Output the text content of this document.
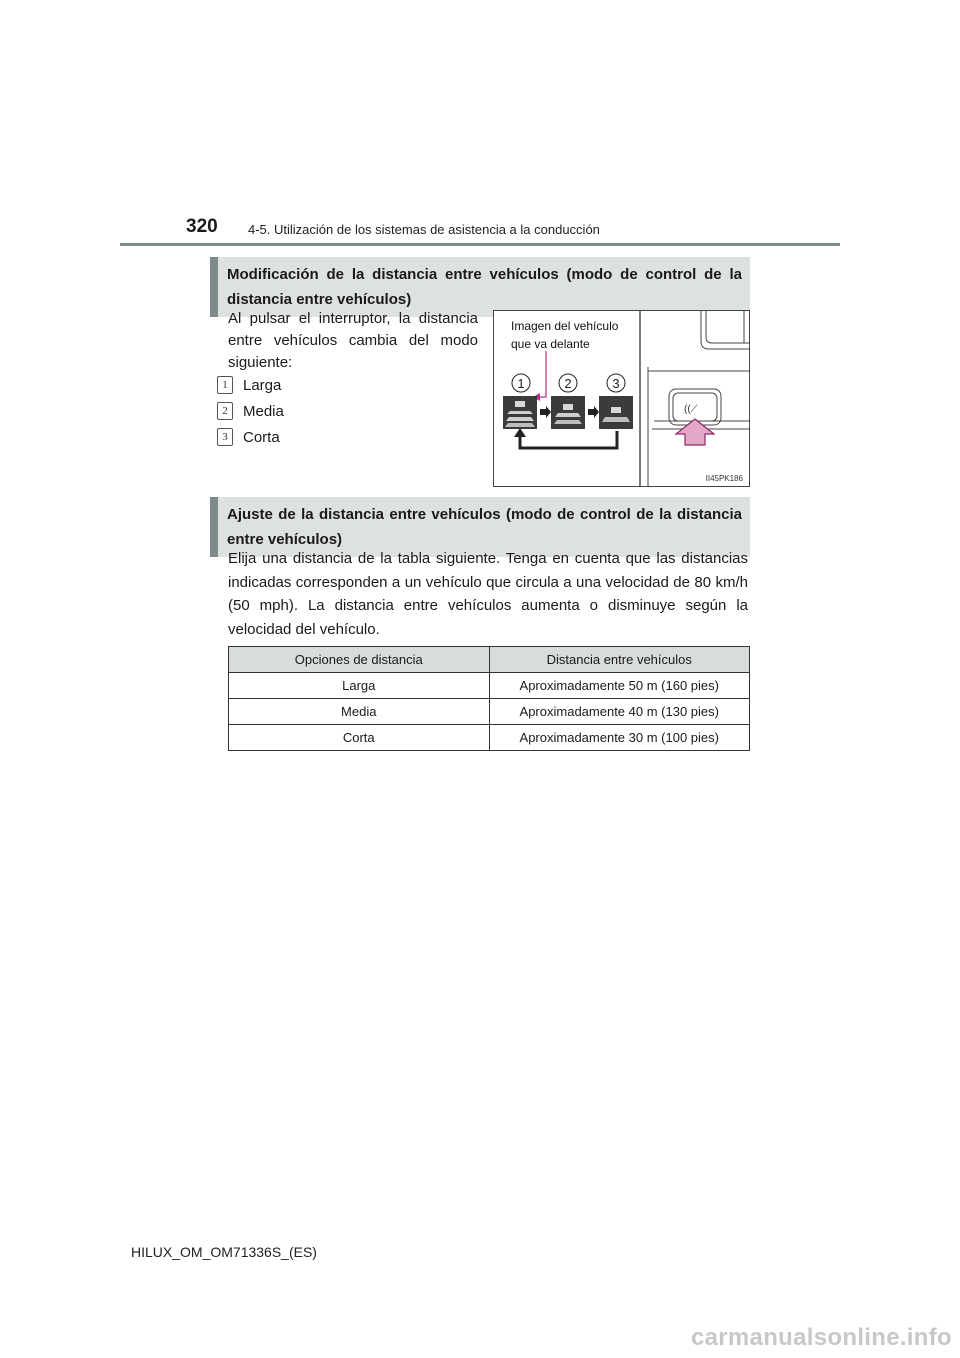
320 4-5. Utilización de los sistemas de asistencia a la conducción
Modificación de la distancia entre vehículos (modo de control de la distancia entre vehículos)
Al pulsar el interruptor, la distancia entre vehículos cambia del modo siguiente:
1	Larga
2	Media
3	Corta
Imagen del vehículo que va delante
1	2	3
((⟋
II45PK186
Ajuste de la distancia entre vehículos (modo de control de la distancia entre vehículos)
Elija una distancia de la tabla siguiente. Tenga en cuenta que las distancias indicadas corresponden a un vehículo que circula a una velocidad de 80 km/h (50 mph). La distancia entre vehículos aumenta o disminuye según la velocidad del vehículo.
Opciones de distancia	Distancia entre vehículos
Larga	Aproximadamente 50 m (160 pies)
Media	Aproximadamente 40 m (130 pies)
Corta	Aproximadamente 30 m (100 pies)
HILUX_OM_OM71336S_(ES)
carmanualsonline.info
